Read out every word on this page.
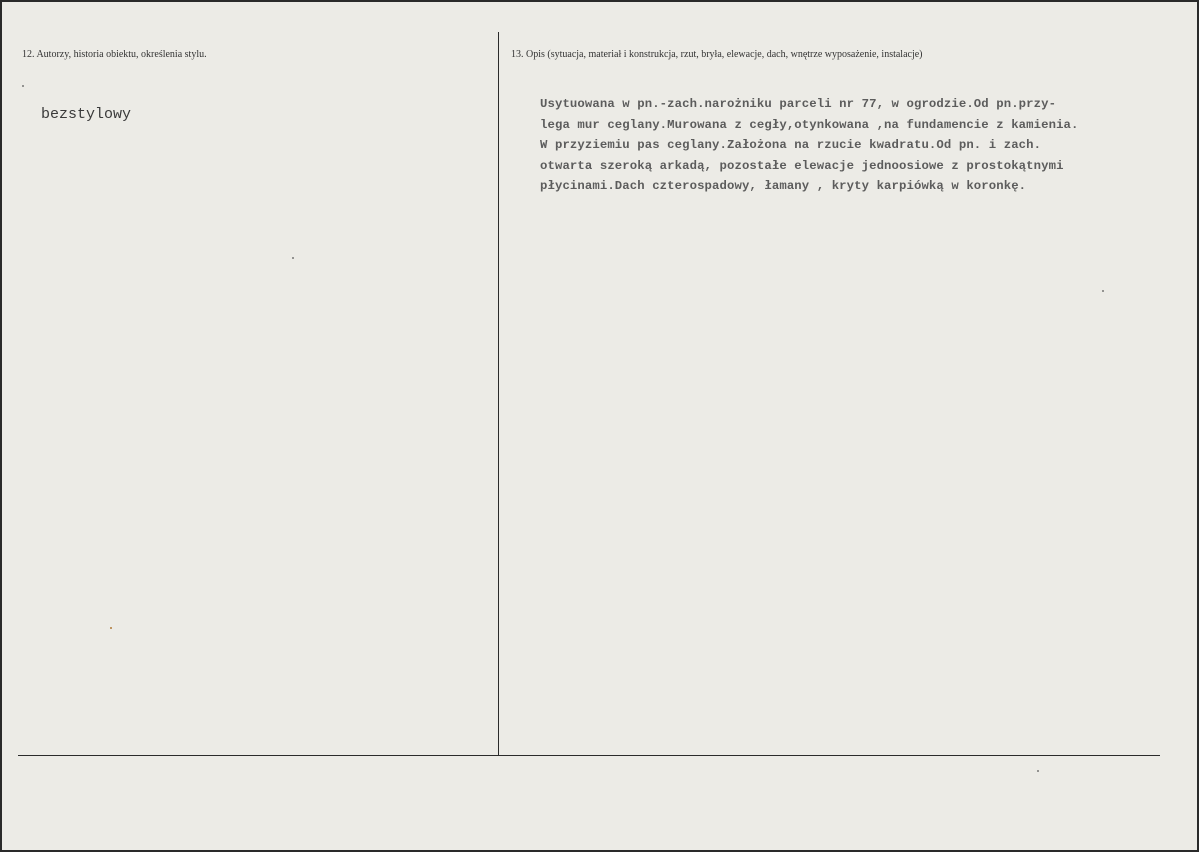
12. Autorzy, historia obiektu, określenia stylu.
bezstylowy
13. Opis (sytuacja, materiał i konstrukcja, rzut, bryła, elewacje, dach, wnętrze wyposażenie, instalacje)
Usytuowana w pn.-zach.narożniku parceli nr 77, w ogrodzie.Od pn.przy-
lega mur ceglany.Murowana z cegły,otynkowana ,na fundamencie z kamienia.
W przyziemiu pas ceglany.Założona na rzucie kwadratu.Od pn. i zach.
otwarta szeroką arkadą, pozostałe elewacje jednoosiowe z prostokątnymi
płycinami.Dach czterospadowy, łamany , kryty karpiówką w koronkę.
